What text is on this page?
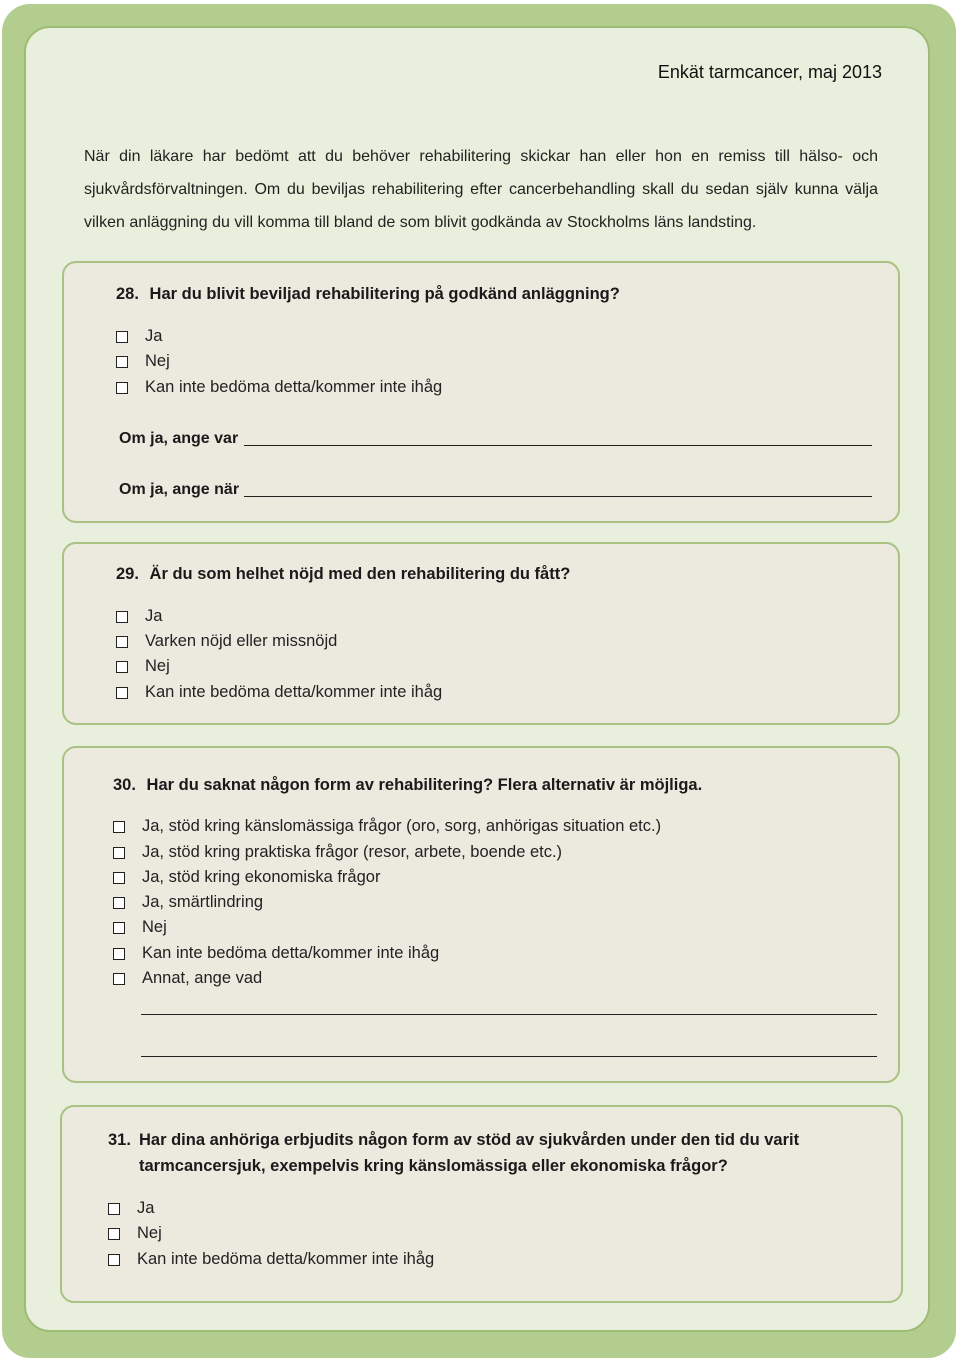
Enkät tarmcancer, maj 2013
När din läkare har bedömt att du behöver rehabilitering skickar han eller hon en remiss till hälso- och sjukvårdsförvaltningen. Om du beviljas rehabilitering efter cancerbehandling skall du sedan själv kunna välja vilken anläggning du vill komma till bland de som blivit godkända av Stockholms läns landsting.
28. Har du blivit beviljad rehabilitering på godkänd anläggning?
Ja
Nej
Kan inte bedöma detta/kommer inte ihåg
Om ja, ange var
Om ja, ange när
29. Är du som helhet nöjd med den rehabilitering du fått?
Ja
Varken nöjd eller missnöjd
Nej
Kan inte bedöma detta/kommer inte ihåg
30. Har du saknat någon form av rehabilitering? Flera alternativ är möjliga.
Ja, stöd kring känslomässiga frågor (oro, sorg, anhörigas situation etc.)
Ja, stöd kring praktiska frågor (resor, arbete, boende etc.)
Ja, stöd kring ekonomiska frågor
Ja, smärtlindring
Nej
Kan inte bedöma detta/kommer inte ihåg
Annat, ange vad
31. Har dina anhöriga erbjudits någon form av stöd av sjukvården under den tid du varit
tarmcancersjuk, exempelvis kring känslomässiga eller ekonomiska frågor?
Ja
Nej
Kan inte bedöma detta/kommer inte ihåg
